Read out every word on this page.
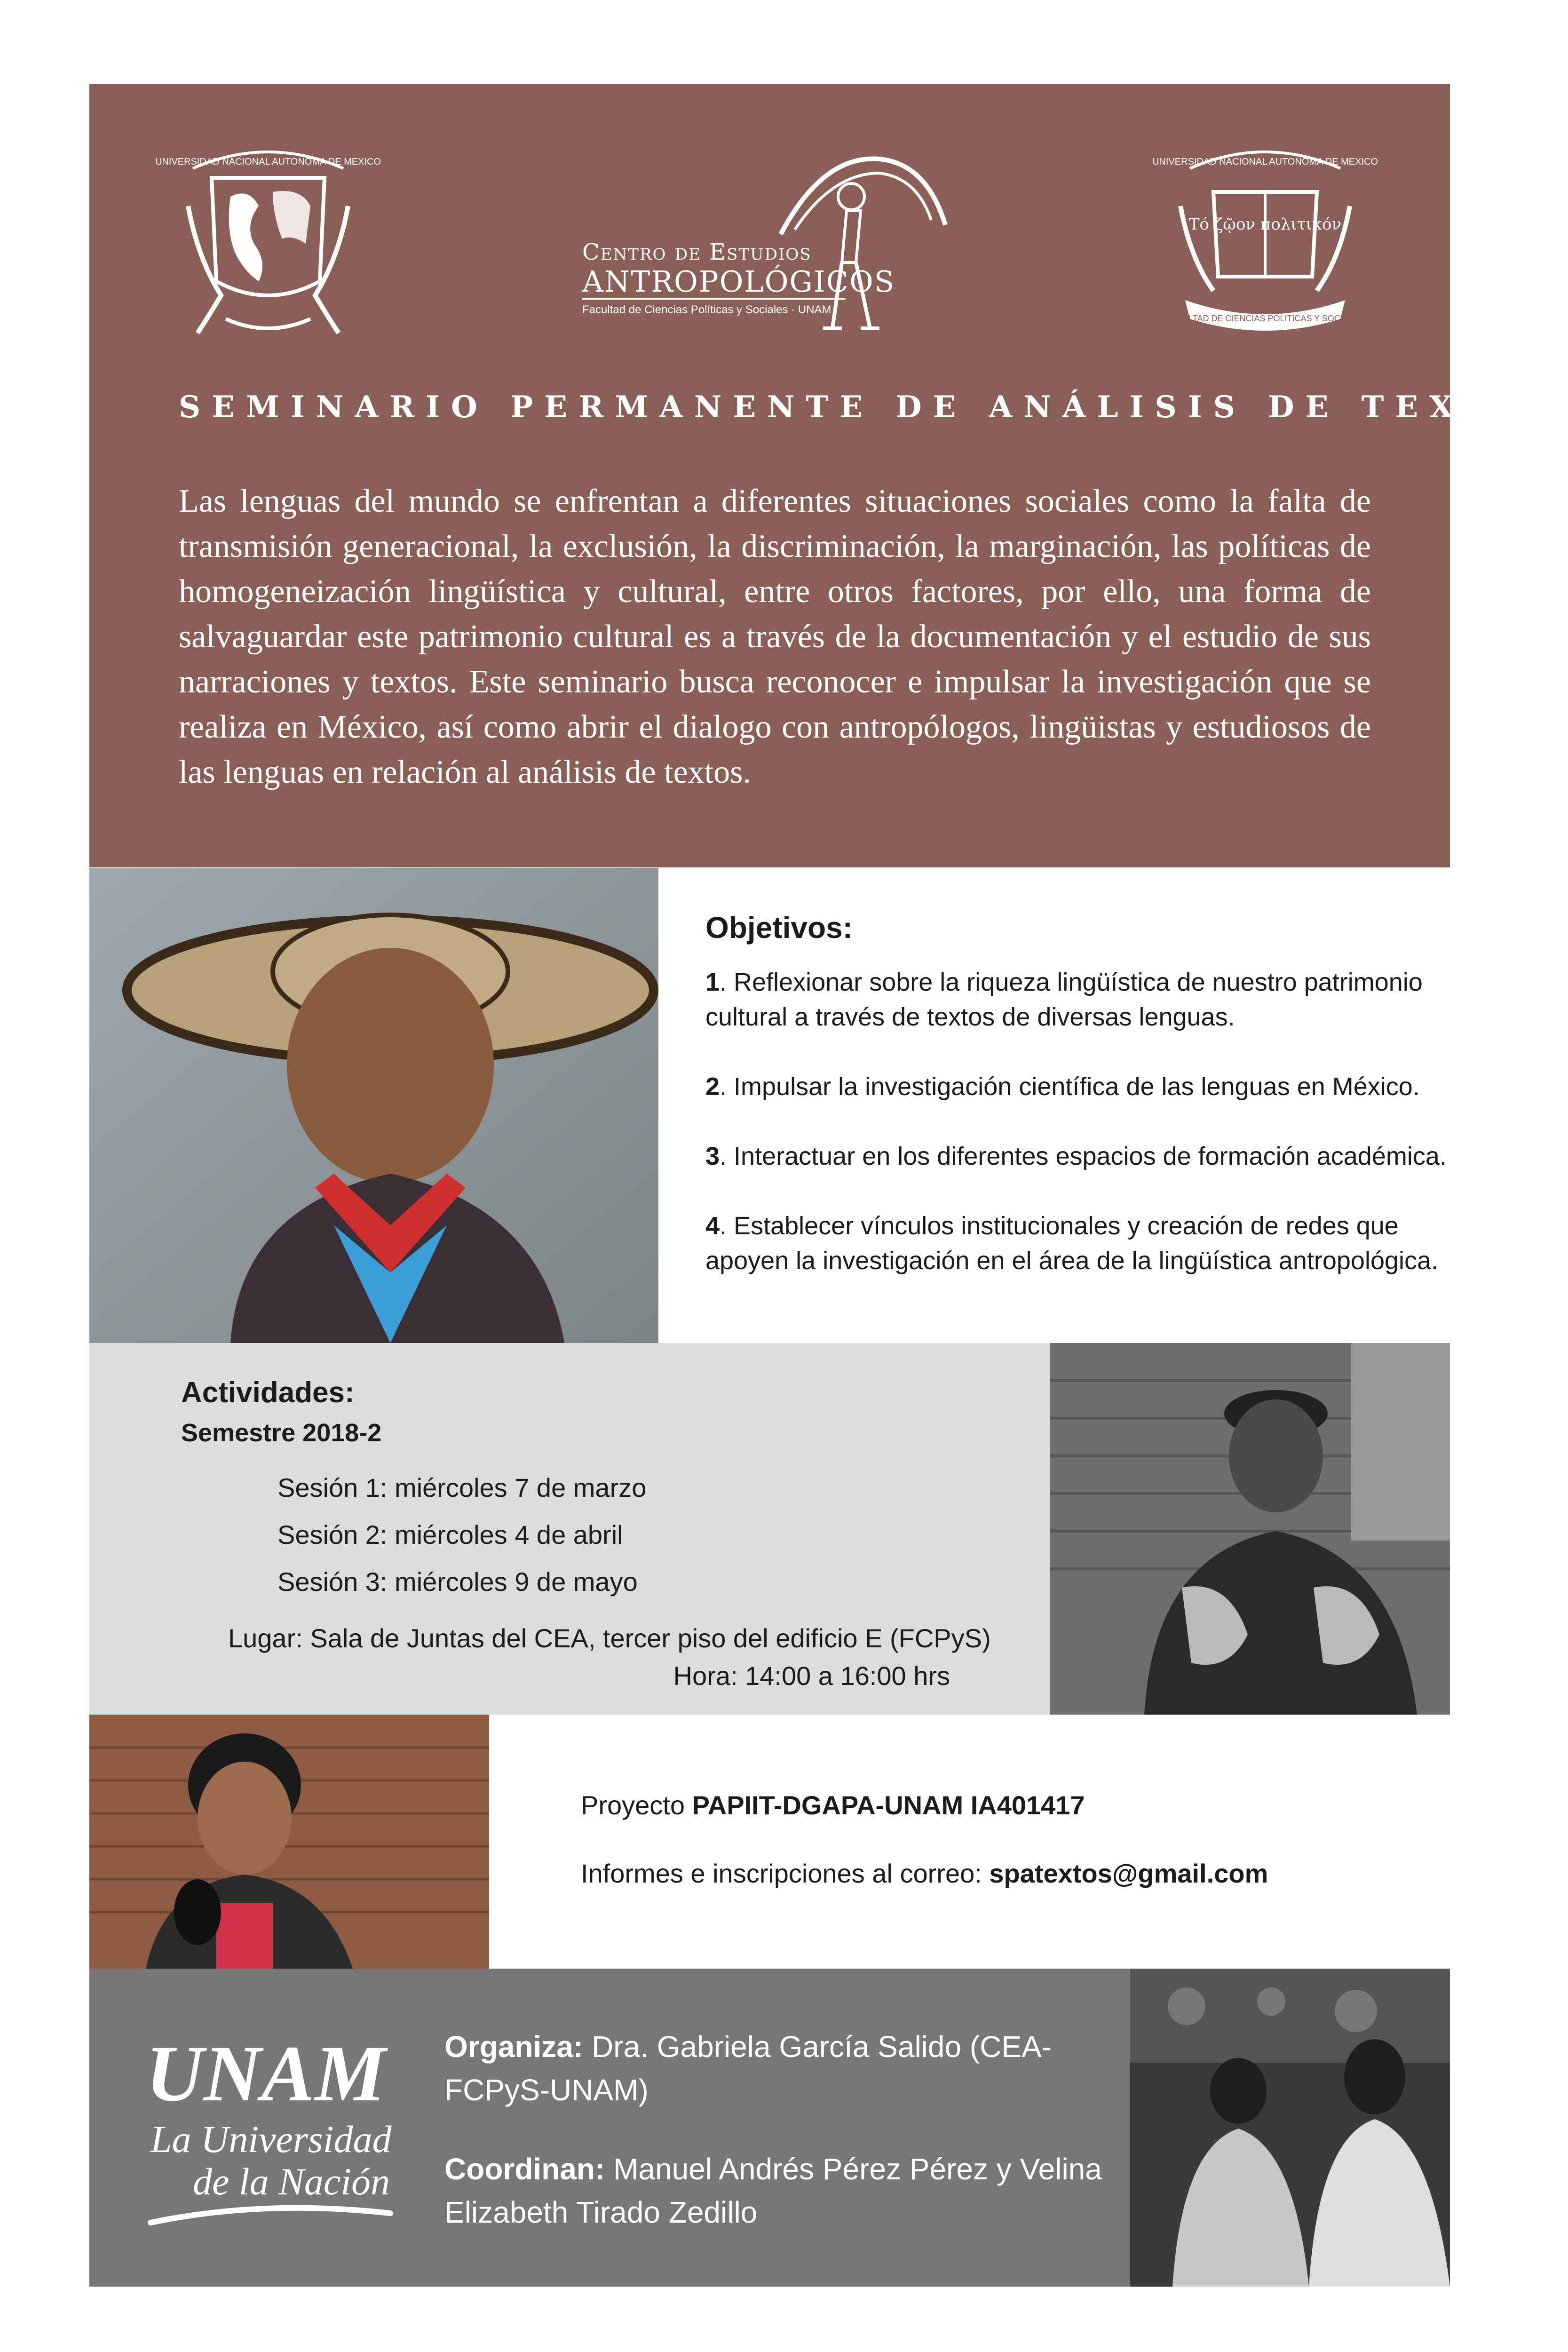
UNIVERSIDAD NACIONAL AUTONOMA DE MEXICO
Centro de Estudios
ANTROPOLÓGICOS
Facultad de Ciencias Políticas y Sociales · UNAM
UNIVERSIDAD NACIONAL AUTONOMA DE MEXICO
Τό ζῷον πολιτικόν
FACULTAD DE CIENCIAS POLITICAS Y SOCIALES
SEMINARIO PERMANENTE DE ANÁLISIS DE TEXTOS
Las lenguas del mundo se enfrentan a diferentes situaciones sociales como la falta de transmisión generacional, la exclusión, la discriminación, la marginación, las políticas de homogeneización lingüística y cultural, entre otros factores, por ello, una forma de salvaguardar este patrimonio cultural es a través de la documentación y el estudio de sus narraciones y textos. Este seminario busca reconocer e impulsar la investigación que se realiza en México, así como abrir el dialogo con antropólogos, lingüistas y estudiosos de las lenguas en relación al análisis de textos.
Objetivos:
1. Reflexionar sobre la riqueza lingüística de nuestro patrimonio cultural a través de textos de diversas lenguas.
2. Impulsar la investigación científica de las lenguas en México.
3. Interactuar en los diferentes espacios de formación académica.
4. Establecer vínculos institucionales y creación de redes que apoyen la investigación en el área de la lingüística antropológica.
Actividades:
Semestre 2018-2
Sesión 1: miércoles 7 de marzo
Sesión 2: miércoles 4 de abril
Sesión 3: miércoles 9 de mayo
Lugar: Sala de Juntas del CEA, tercer piso del edificio E (FCPyS)
Hora: 14:00 a 16:00 hrs
Proyecto PAPIIT-DGAPA-UNAM IA401417
Informes e inscripciones al correo: spatextos@gmail.com
UNAM
La Universidad
de la Nación
Organiza: Dra. Gabriela García Salido (CEA-FCPyS-UNAM)
Coordinan: Manuel Andrés Pérez Pérez y Velina Elizabeth Tirado Zedillo
